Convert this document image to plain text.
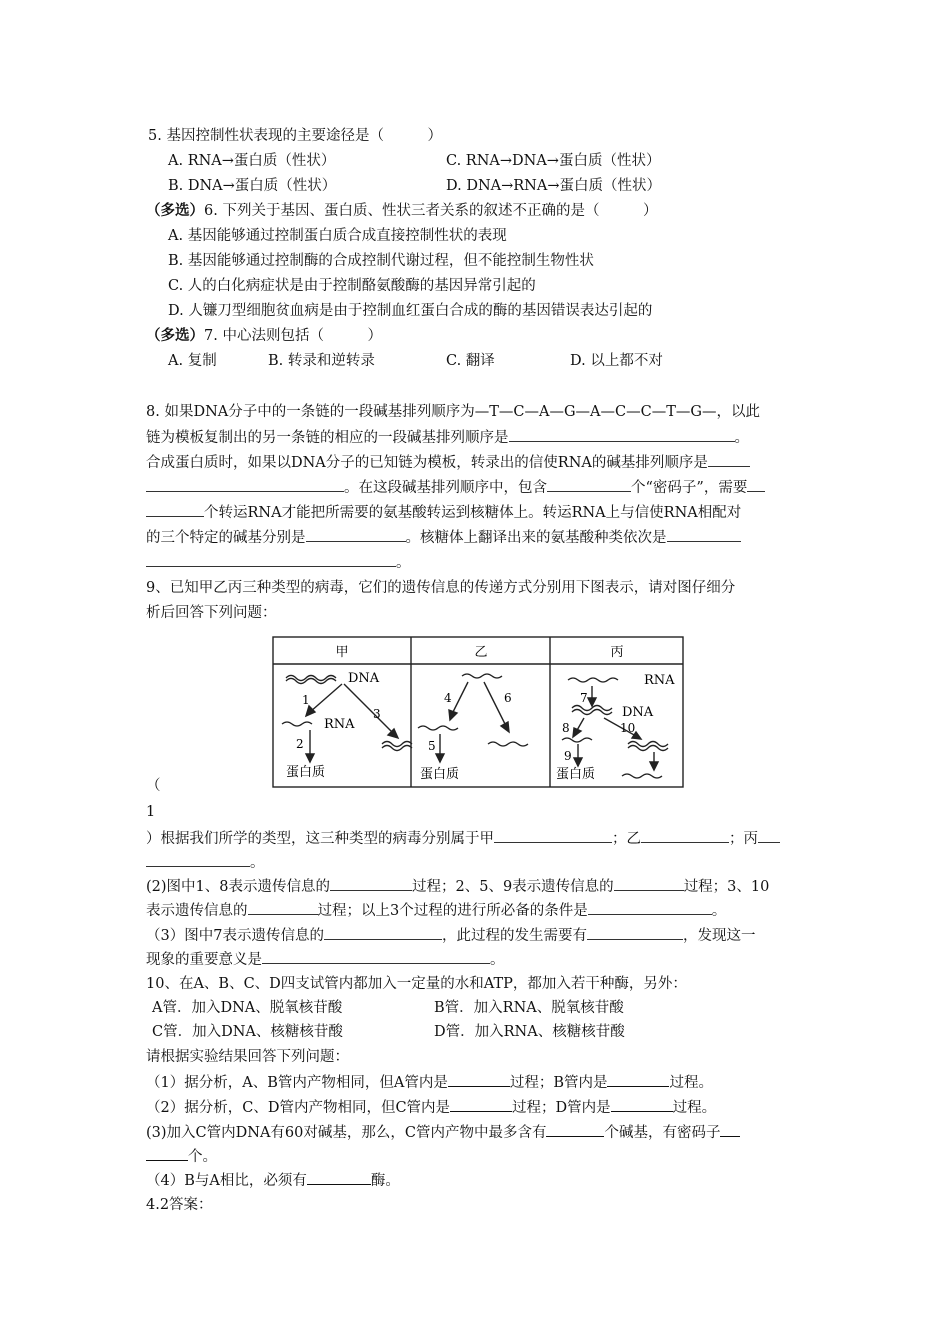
5. 基因控制性状表现的主要途径是（　　　）
A. RNA→蛋白质（性状）	C. RNA→DNA→蛋白质（性状）
B. DNA→蛋白质（性状）	D. DNA→RNA→蛋白质（性状）
（多选）6. 下列关于基因、蛋白质、性状三者关系的叙述不正确的是（　　　）
A. 基因能够通过控制蛋白质合成直接控制性状的表现
B. 基因能够通过控制酶的合成控制代谢过程，但不能控制生物性状
C. 人的白化病症状是由于控制酪氨酸酶的基因异常引起的
D. 人镰刀型细胞贫血病是由于控制血红蛋白合成的酶的基因错误表达引起的
（多选）7. 中心法则包括（　　　）
A. 复制	B. 转录和逆转录	C. 翻译	D. 以上都不对
8. 如果DNA分子中的一条链的一段碱基排列顺序为—T—C—A—G—A—C—C—T—G—，以此
链为模板复制出的另一条链的相应的一段碱基排列顺序是	。
合成蛋白质时，如果以DNA分子的已知链为模板，转录出的信使RNA的碱基排列顺序是
。在这段碱基排列顺序中，包含	个“密码子”，需要
个转运RNA才能把所需要的氨基酸转运到核糖体上。转运RNA上与信使RNA相配对
的三个特定的碱基分别是	。核糖体上翻译出来的氨基酸种类依次是
。
9、已知甲乙丙三种类型的病毒，它们的遗传信息的传递方式分别用下图表示，请对图仔细分
析后回答下列问题：
甲	乙	丙
DNA
RNA
蛋白质
1
3
2
4	6
5
蛋白质
RNA
DNA
蛋白质
7
8	10
9
（
1
）根据我们所学的类型，这三种类型的病毒分别属于甲	；乙	；丙
。
(2)图中1、8表示遗传信息的	过程；2、5、9表示遗传信息的	过程；3、10
表示遗传信息的	过程；以上3个过程的进行所必备的条件是	。
（3）图中7表示遗传信息的	，此过程的发生需要有	，发现这一
现象的重要意义是	。
10、在A、B、C、D四支试管内都加入一定量的水和ATP，都加入若干种酶，另外：
A管．加入DNA、脱氧核苷酸	B管．加入RNA、脱氧核苷酸
C管．加入DNA、核糖核苷酸	D管．加入RNA、核糖核苷酸
请根据实验结果回答下列问题：
（1）据分析，A、B管内产物相同，但A管内是	过程；B管内是	过程。
（2）据分析，C、D管内产物相同，但C管内是	过程；D管内是	过程。
(3)加入C管内DNA有60对碱基，那么，C管内产物中最多含有	个碱基，有密码子
个。
（4）B与A相比，必须有	酶。
4.2答案：
